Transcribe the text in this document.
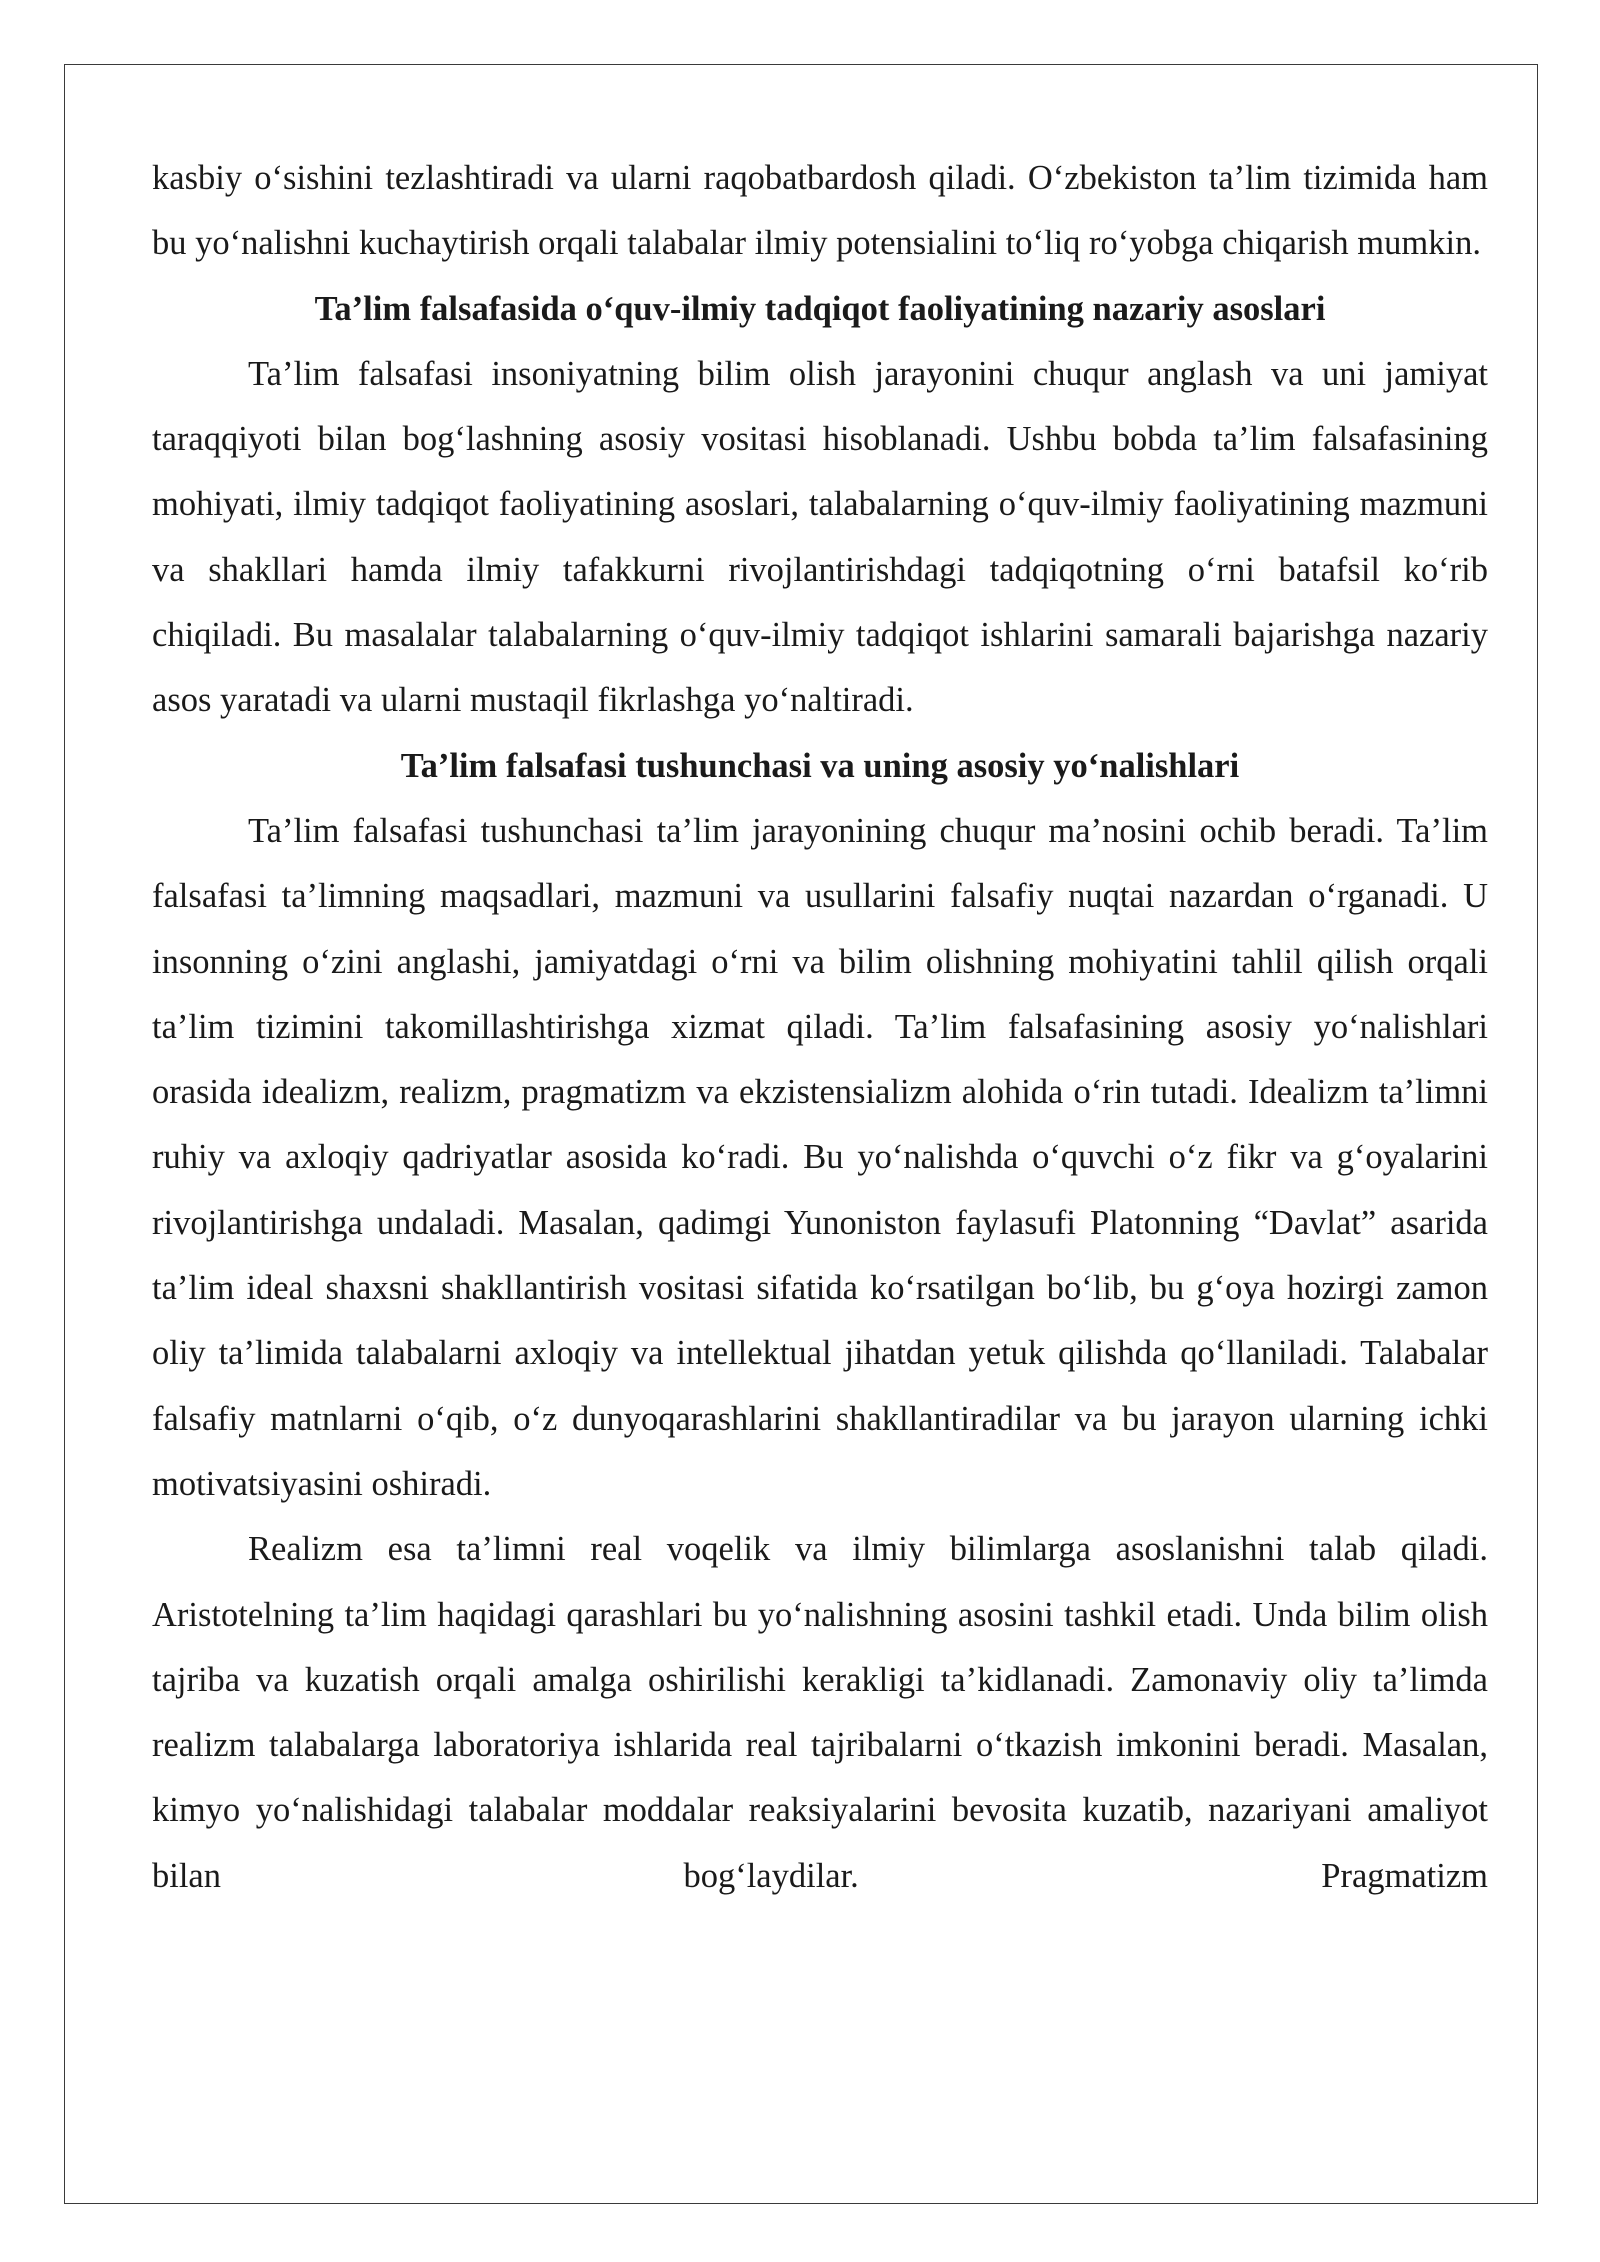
kasbiy o‘sishini tezlashtiradi va ularni raqobatbardosh qiladi. O‘zbekiston ta’lim tizimida ham bu yo‘nalishni kuchaytirish orqali talabalar ilmiy potensialini to‘liq ro‘yobga chiqarish mumkin.

Ta’lim falsafasida o‘quv-ilmiy tadqiqot faoliyatining nazariy asoslari

Ta’lim falsafasi insoniyatning bilim olish jarayonini chuqur anglash va uni jamiyat taraqqiyoti bilan bog‘lashning asosiy vositasi hisoblanadi. Ushbu bobda ta’lim falsafasining mohiyati, ilmiy tadqiqot faoliyatining asoslari, talabalarning o‘quv-ilmiy faoliyatining mazmuni va shakllari hamda ilmiy tafakkurni rivojlantirishdagi tadqiqotning o‘rni batafsil ko‘rib chiqiladi. Bu masalalar talabalarning o‘quv-ilmiy tadqiqot ishlarini samarali bajarishga nazariy asos yaratadi va ularni mustaqil fikrlashga yo‘naltiradi.

Ta’lim falsafasi tushunchasi va uning asosiy yo‘nalishlari

Ta’lim falsafasi tushunchasi ta’lim jarayonining chuqur ma’nosini ochib beradi. Ta’lim falsafasi ta’limning maqsadlari, mazmuni va usullarini falsafiy nuqtai nazardan o‘rganadi. U insonning o‘zini anglashi, jamiyatdagi o‘rni va bilim olishning mohiyatini tahlil qilish orqali ta’lim tizimini takomillashtirishga xizmat qiladi. Ta’lim falsafasining asosiy yo‘nalishlari orasida idealizm, realizm, pragmatizm va ekzistensializm alohida o‘rin tutadi. Idealizm ta’limni ruhiy va axloqiy qadriyatlar asosida ko‘radi. Bu yo‘nalishda o‘quvchi o‘z fikr va g‘oyalarini rivojlantirishga undaladi. Masalan, qadimgi Yunoniston faylasufi Platonning “Davlat” asarida ta’lim ideal shaxsni shakllantirish vositasi sifatida ko‘rsatilgan bo‘lib, bu g‘oya hozirgi zamon oliy ta’limida talabalarni axloqiy va intellektual jihatdan yetuk qilishda qo‘llaniladi. Talabalar falsafiy matnlarni o‘qib, o‘z dunyoqarashlarini shakllantiradilar va bu jarayon ularning ichki motivatsiyasini oshiradi.

Realizm esa ta’limni real voqelik va ilmiy bilimlarga asoslanishni talab qiladi. Aristotelning ta’lim haqidagi qarashlari bu yo‘nalishning asosini tashkil etadi. Unda bilim olish tajriba va kuzatish orqali amalga oshirilishi kerakligi ta’kidlanadi. Zamonaviy oliy ta’limda realizm talabalarga laboratoriya ishlarida real tajribalarni o‘tkazish imkonini beradi. Masalan, kimyo yo‘nalishidagi talabalar moddalar reaksiyalarini bevosita kuzatib, nazariyani amaliyot bilan bog‘laydilar. Pragmatizm
